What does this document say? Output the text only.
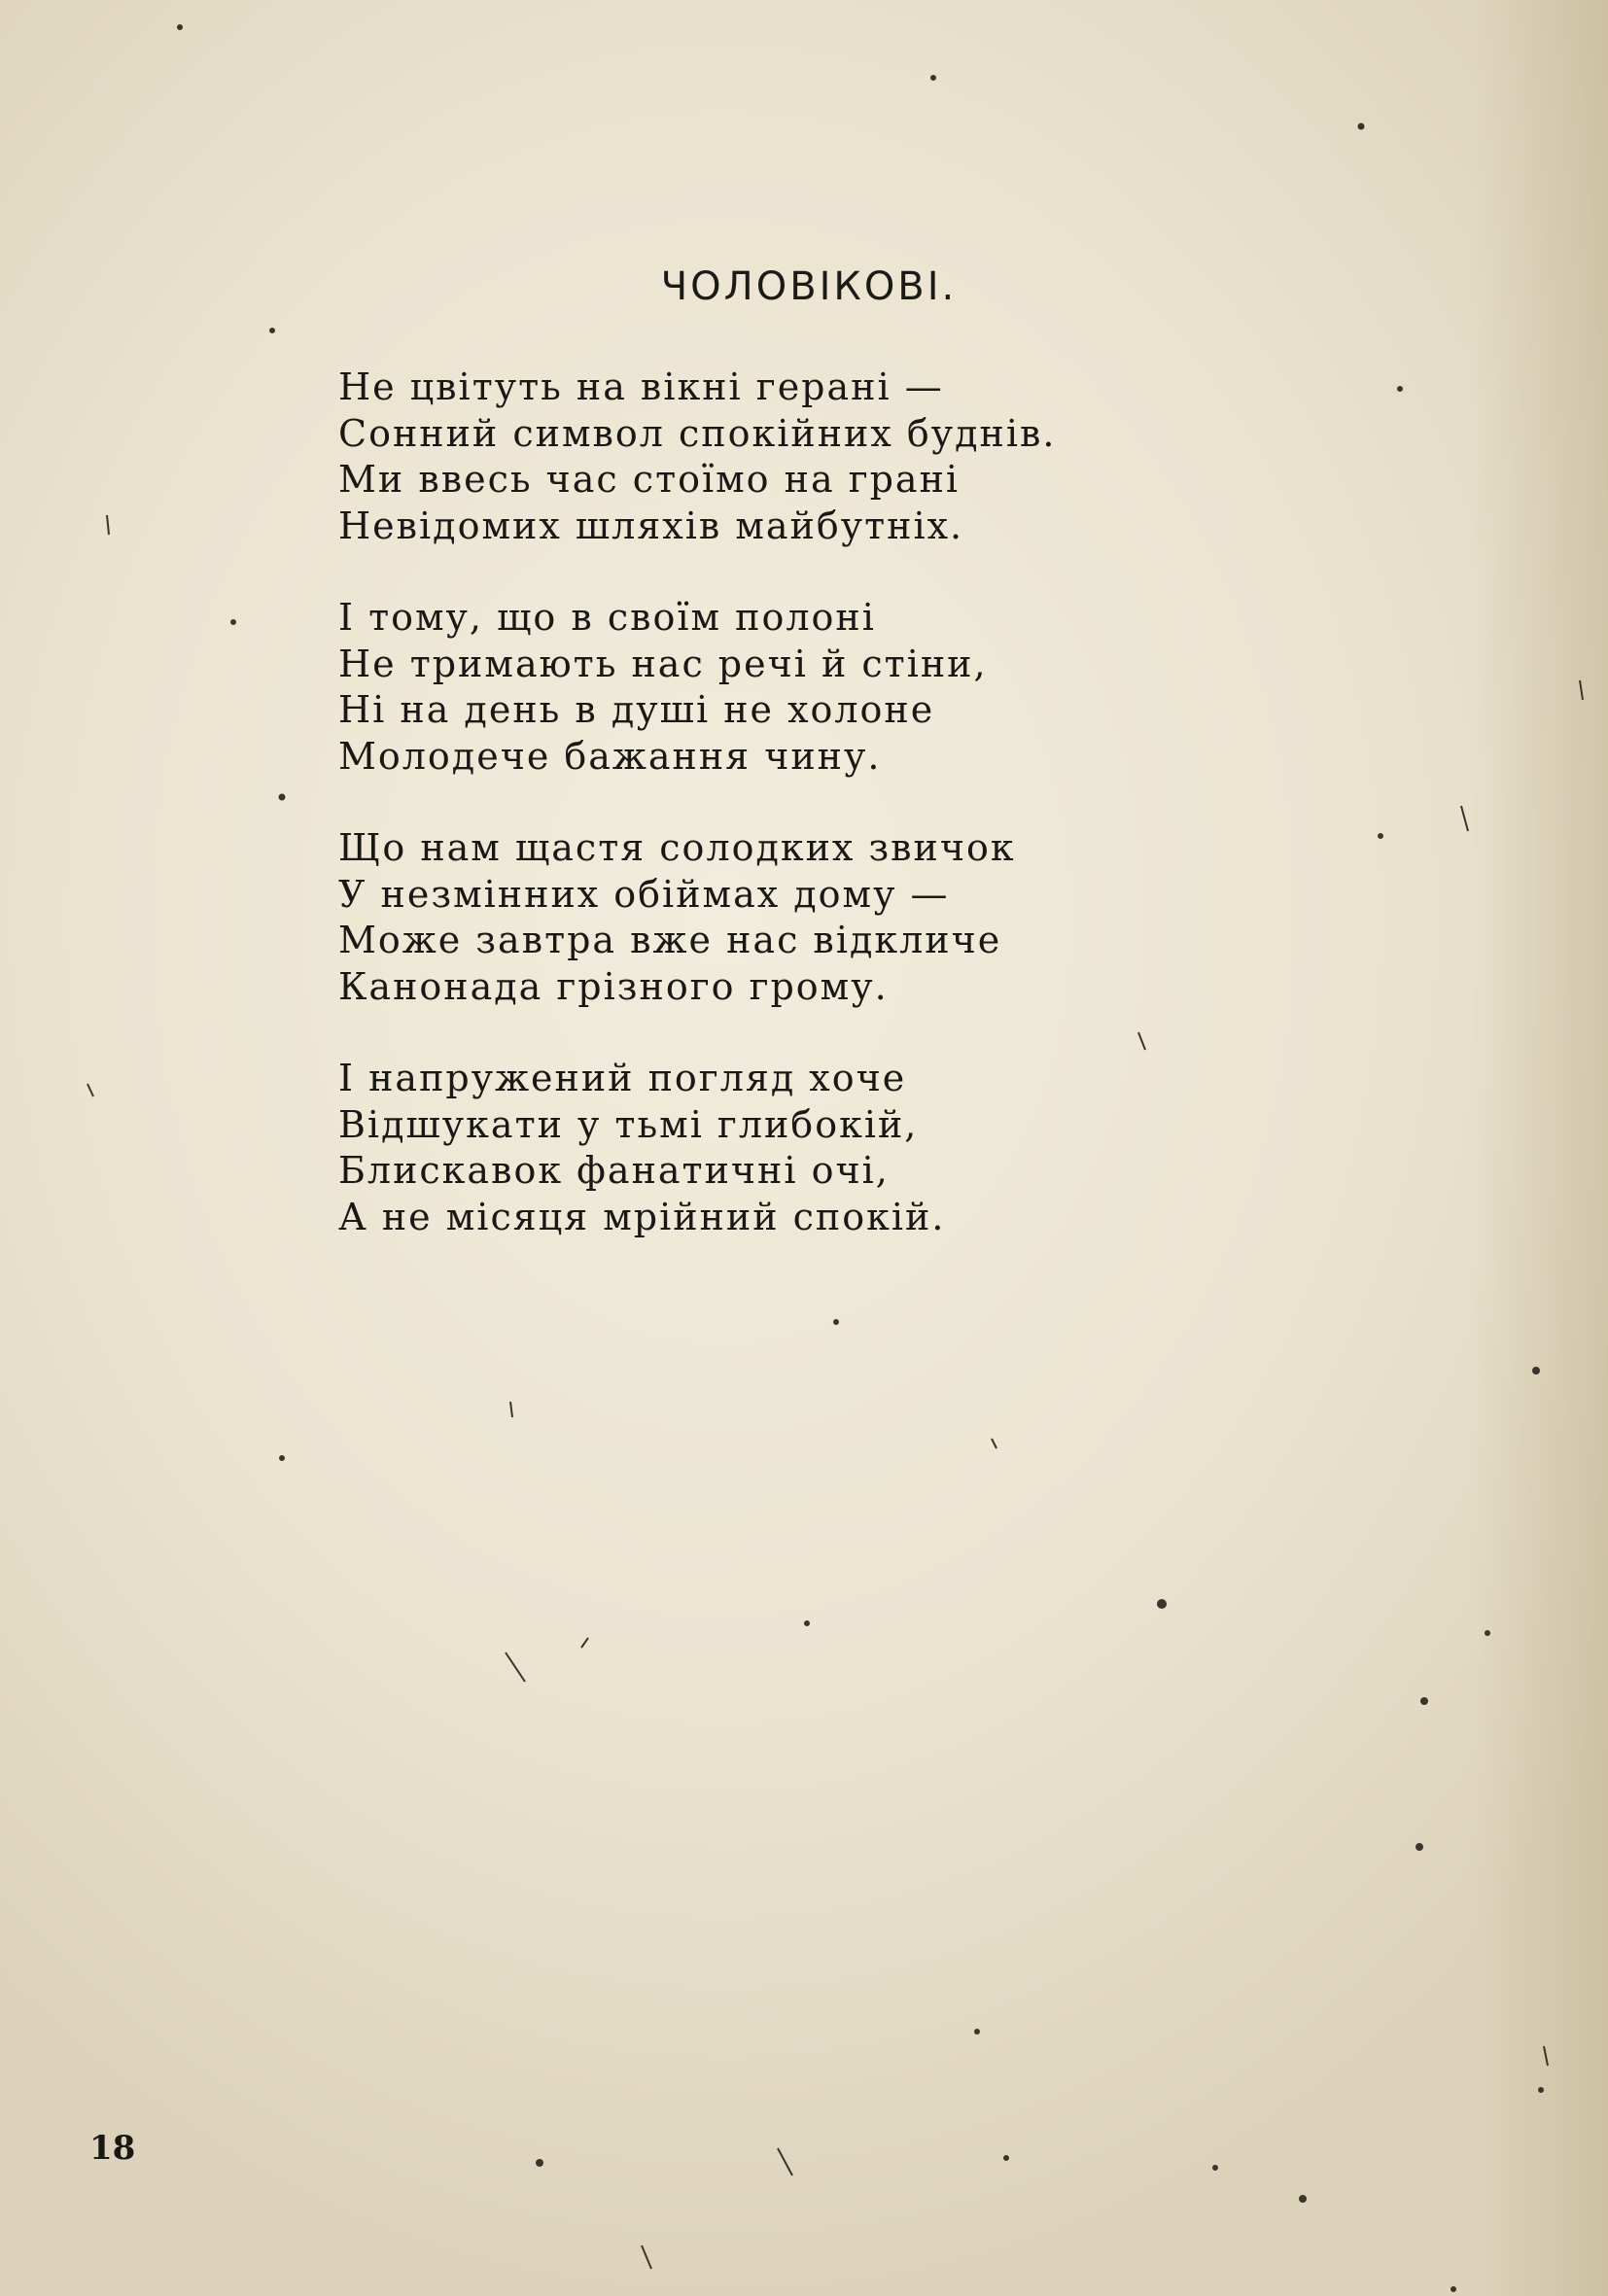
ЧОЛОВІКОВІ.
Не цвітуть на вікні герані —
Сонний символ спокійних буднів.
Ми ввесь час стоїмо на грані
Невідомих шляхів майбутніх.
І тому, що в своїм полоні
Не тримають нас речі й стіни,
Ні на день в душі не холоне
Молодече бажання чину.
Що нам щастя солодких звичок
У незмінних обіймах дому —
Може завтра вже нас відкличе
Канонада грізного грому.
І напружений погляд хоче
Відшукати у тьмі глибокій,
Блискавок фанатичні очі,
А не місяця мрійний спокій.
18
